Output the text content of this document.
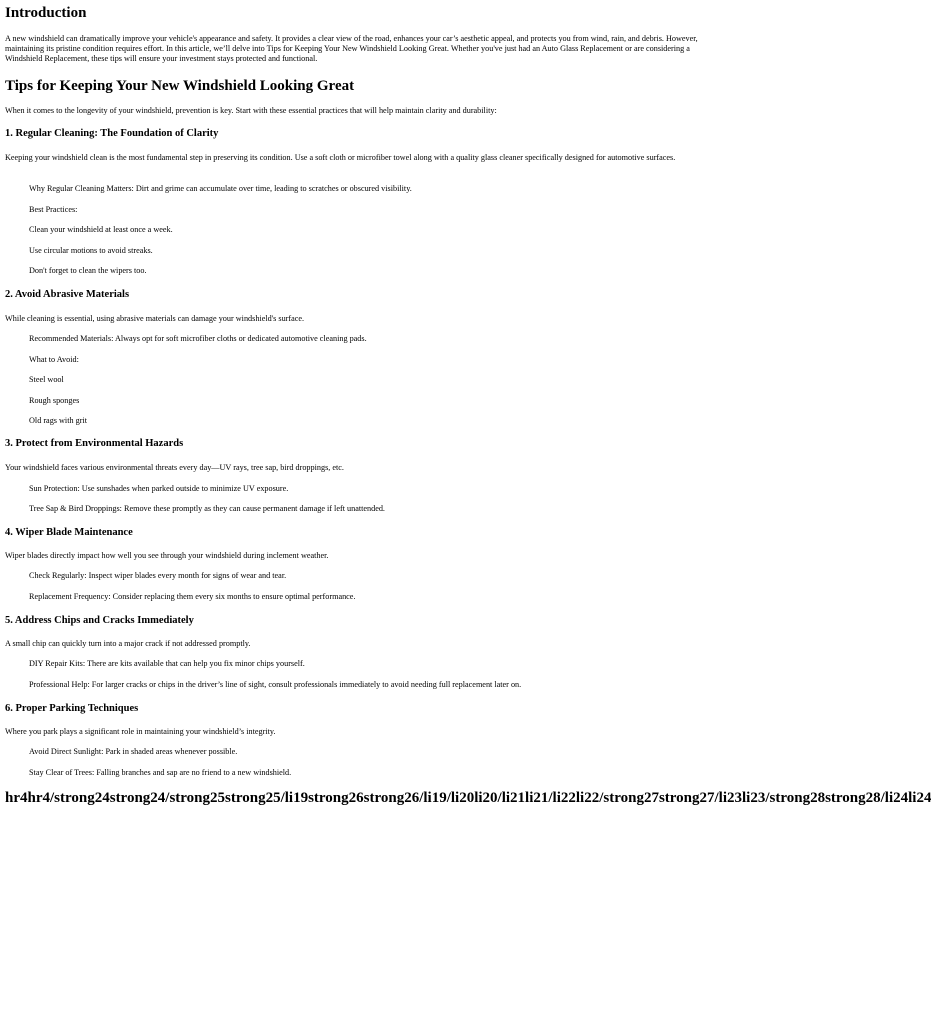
Introduction

A new windshield can dramatically improve your vehicle's appearance and safety. It provides a clear view of the road, enhances your car’s aesthetic appeal, and protects you from wind, rain, and debris. However, maintaining its pristine condition requires effort. In this article, we’ll delve into Tips for Keeping Your New Windshield Looking Great. Whether you've just had an Auto Glass Replacement or are considering a Windshield Replacement, these tips will ensure your investment stays protected and functional.

Tips for Keeping Your New Windshield Looking Great

When it comes to the longevity of your windshield, prevention is key. Start with these essential practices that will help maintain clarity and durability:

1. Regular Cleaning: The Foundation of Clarity

Keeping your windshield clean is the most fundamental step in preserving its condition. Use a soft cloth or microfiber towel along with a quality glass cleaner specifically designed for automotive surfaces.

Why Regular Cleaning Matters: Dirt and grime can accumulate over time, leading to scratches or obscured visibility.

Best Practices:

Clean your windshield at least once a week.

Use circular motions to avoid streaks.

Don't forget to clean the wipers too.

2. Avoid Abrasive Materials

While cleaning is essential, using abrasive materials can damage your windshield's surface.

Recommended Materials: Always opt for soft microfiber cloths or dedicated automotive cleaning pads.

What to Avoid:

Steel wool

Rough sponges

Old rags with grit

3. Protect from Environmental Hazards

Your windshield faces various environmental threats every day—UV rays, tree sap, bird droppings, etc.

Sun Protection: Use sunshades when parked outside to minimize UV exposure.

Tree Sap & Bird Droppings: Remove these promptly as they can cause permanent damage if left unattended.

4. Wiper Blade Maintenance

Wiper blades directly impact how well you see through your windshield during inclement weather.

Check Regularly: Inspect wiper blades every month for signs of wear and tear.

Replacement Frequency: Consider replacing them every six months to ensure optimal performance.

5. Address Chips and Cracks Immediately

A small chip can quickly turn into a major crack if not addressed promptly.

DIY Repair Kits: There are kits available that can help you fix minor chips yourself.

Professional Help: For larger cracks or chips in the driver’s line of sight, consult professionals immediately to avoid needing full replacement later on.

6. Proper Parking Techniques

Where you park plays a significant role in maintaining your windshield’s integrity.

Avoid Direct Sunlight: Park in shaded areas whenever possible.

Stay Clear of Trees: Falling branches and sap are no friend to a new windshield.

hr4hr4/strong24strong24/strong25strong25/li19strong26strong26/li19/li20li20/li21li21/li22li22/strong27strong27/li23li23/strong28strong28/li24li24
